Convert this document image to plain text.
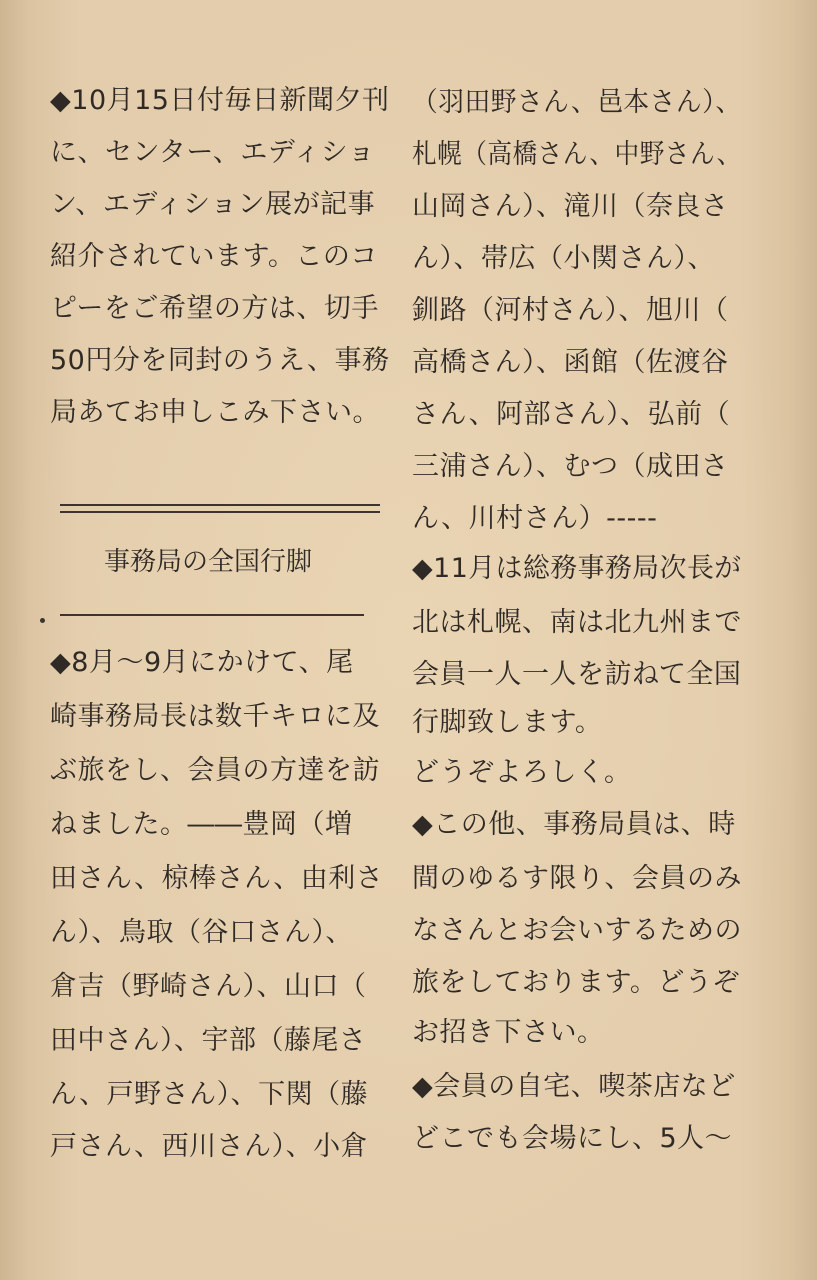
◆10月15日付毎日新聞夕刊
に、センター、エディショ
ン、エディション展が記事
紹介されています。このコ
ピーをご希望の方は、切手
50円分を同封のうえ、事務
局あてお申しこみ下さい。
◆8月～9月にかけて、尾
崎事務局長は数千キロに及
ぶ旅をし、会員の方達を訪
ねました。――豊岡（増
田さん、椋棒さん、由利さ
ん）、鳥取（谷口さん）、
倉吉（野崎さん）、山口（
田中さん）、宇部（藤尾さ
ん、戸野さん）、下関（藤
戸さん、西川さん）、小倉
事務局の全国行脚
（羽田野さん、邑本さん）、
札幌（高橋さん、中野さん、
山岡さん）、滝川（奈良さ
ん）、帯広（小関さん）、
釧路（河村さん）、旭川（
高橋さん）、函館（佐渡谷
さん、阿部さん）、弘前（
三浦さん）、むつ（成田さ
ん、川村さん）-----
◆11月は総務事務局次長が
北は札幌、南は北九州まで
会員一人一人を訪ねて全国
行脚致します。
どうぞよろしく。
◆この他、事務局員は、時
間のゆるす限り、会員のみ
なさんとお会いするための
旅をしております。どうぞ
お招き下さい。
◆会員の自宅、喫茶店など
どこでも会場にし、5人～
